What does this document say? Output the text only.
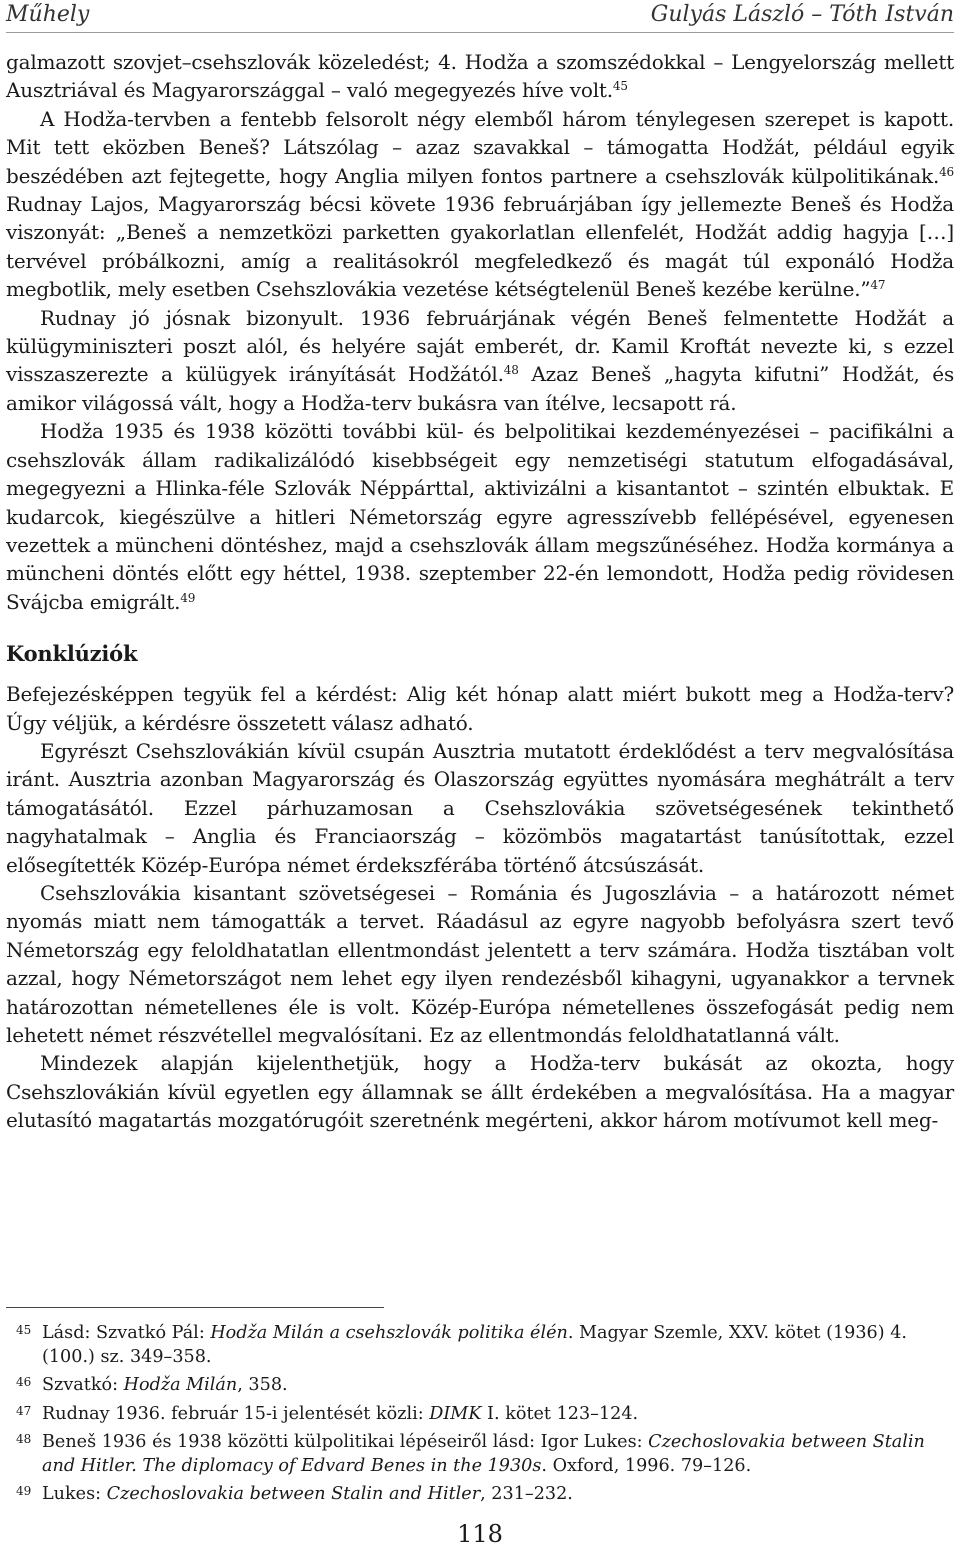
Műhely	Gulyás László – Tóth István

galmazott szovjet–csehszlovák közeledést; 4. Hodža a szomszédokkal – Lengyelország mellett Ausztriával és Magyarországgal – való megegyezés híve volt.$^{45}$

A Hodža-tervben a fentebb felsorolt négy elemből három ténylegesen szerepet is kapott. Mit tett eközben Beneš? Látszólag – azaz szavakkal – támogatta Hodžát, például egyik beszédében azt fejtegette, hogy Anglia milyen fontos partnere a csehszlovák külpolitikának.$^{46}$ Rudnay Lajos, Magyarország bécsi követe 1936 februárjában így jellemezte Beneš és Hodža viszonyát: „Beneš a nemzetközi parketten gyakorlatlan ellenfelét, Hodžát addig hagyja […] tervével próbálkozni, amíg a realitásokról megfeledkező és magát túl exponáló Hodža megbotlik, mely esetben Csehszlovákia vezetése kétségtelenül Beneš kezébe kerülne.”$^{47}$

Rudnay jó jósnak bizonyult. 1936 februárjának végén Beneš felmentette Hodžát a külügyminiszteri poszt alól, és helyére saját emberét, dr. Kamil Kroftát nevezte ki, s ezzel visszaszerezte a külügyek irányítását Hodžától.$^{48}$ Azaz Beneš „hagyta kifutni” Hodžát, és amikor világossá vált, hogy a Hodža-terv bukásra van ítélve, lecsapott rá.

Hodža 1935 és 1938 közötti további kül- és belpolitikai kezdeményezései – pacifikálni a csehszlovák állam radikalizálódó kisebbségeit egy nemzetiségi statutum elfogadásával, megegyezni a Hlinka-féle Szlovák Néppárttal, aktivizálni a kisantantot – szintén elbuktak. E kudarcok, kiegészülve a hitleri Németország egyre agresszívebb fellépésével, egyenesen vezettek a müncheni döntéshez, majd a csehszlovák állam megszűnéséhez. Hodža kormánya a müncheni döntés előtt egy héttel, 1938. szeptember 22-én lemondott, Hodža pedig rövidesen Svájcba emigrált.$^{49}$

Konklúziók

Befejezésképpen tegyük fel a kérdést: Alig két hónap alatt miért bukott meg a Hodža-terv? Úgy véljük, a kérdésre összetett válasz adható.

Egyrészt Csehszlovákián kívül csupán Ausztria mutatott érdeklődést a terv megvalósítása iránt. Ausztria azonban Magyarország és Olaszország együttes nyomására meghátrált a terv támogatásától. Ezzel párhuzamosan a Csehszlovákia szövetségesének tekinthető nagyhatalmak – Anglia és Franciaország – közömbös magatartást tanúsítottak, ezzel elősegítették Közép-Európa német érdekszférába történő átcsúszását.

Csehszlovákia kisantant szövetségesei – Románia és Jugoszlávia – a határozott német nyomás miatt nem támogatták a tervet. Ráadásul az egyre nagyobb befolyásra szert tevő Németország egy feloldhatatlan ellentmondást jelentett a terv számára. Hodža tisztában volt azzal, hogy Németországot nem lehet egy ilyen rendezésből kihagyni, ugyanakkor a tervnek határozottan németellenes éle is volt. Közép-Európa németellenes összefogását pedig nem lehetett német részvétellel megvalósítani. Ez az ellentmondás feloldhatatlanná vált.

Mindezek alapján kijelenthetjük, hogy a Hodža-terv bukását az okozta, hogy Csehszlovákián kívül egyetlen egy államnak se állt érdekében a megvalósítása. Ha a magyar elutasító magatartás mozgatórugóit szeretnénk megérteni, akkor három motívumot kell meg-

45 Lásd: Szvatkó Pál: Hodža Milán a csehszlovák politika élén. Magyar Szemle, XXV. kötet (1936) 4. (100.) sz. 349–358.
46 Szvatkó: Hodža Milán, 358.
47 Rudnay 1936. február 15-i jelentését közli: DIMK I. kötet 123–124.
48 Beneš 1936 és 1938 közötti külpolitikai lépéseiről lásd: Igor Lukes: Czechoslovakia between Stalin and Hitler. The diplomacy of Edvard Benes in the 1930s. Oxford, 1996. 79–126.
49 Lukes: Czechoslovakia between Stalin and Hitler, 231–232.
118
